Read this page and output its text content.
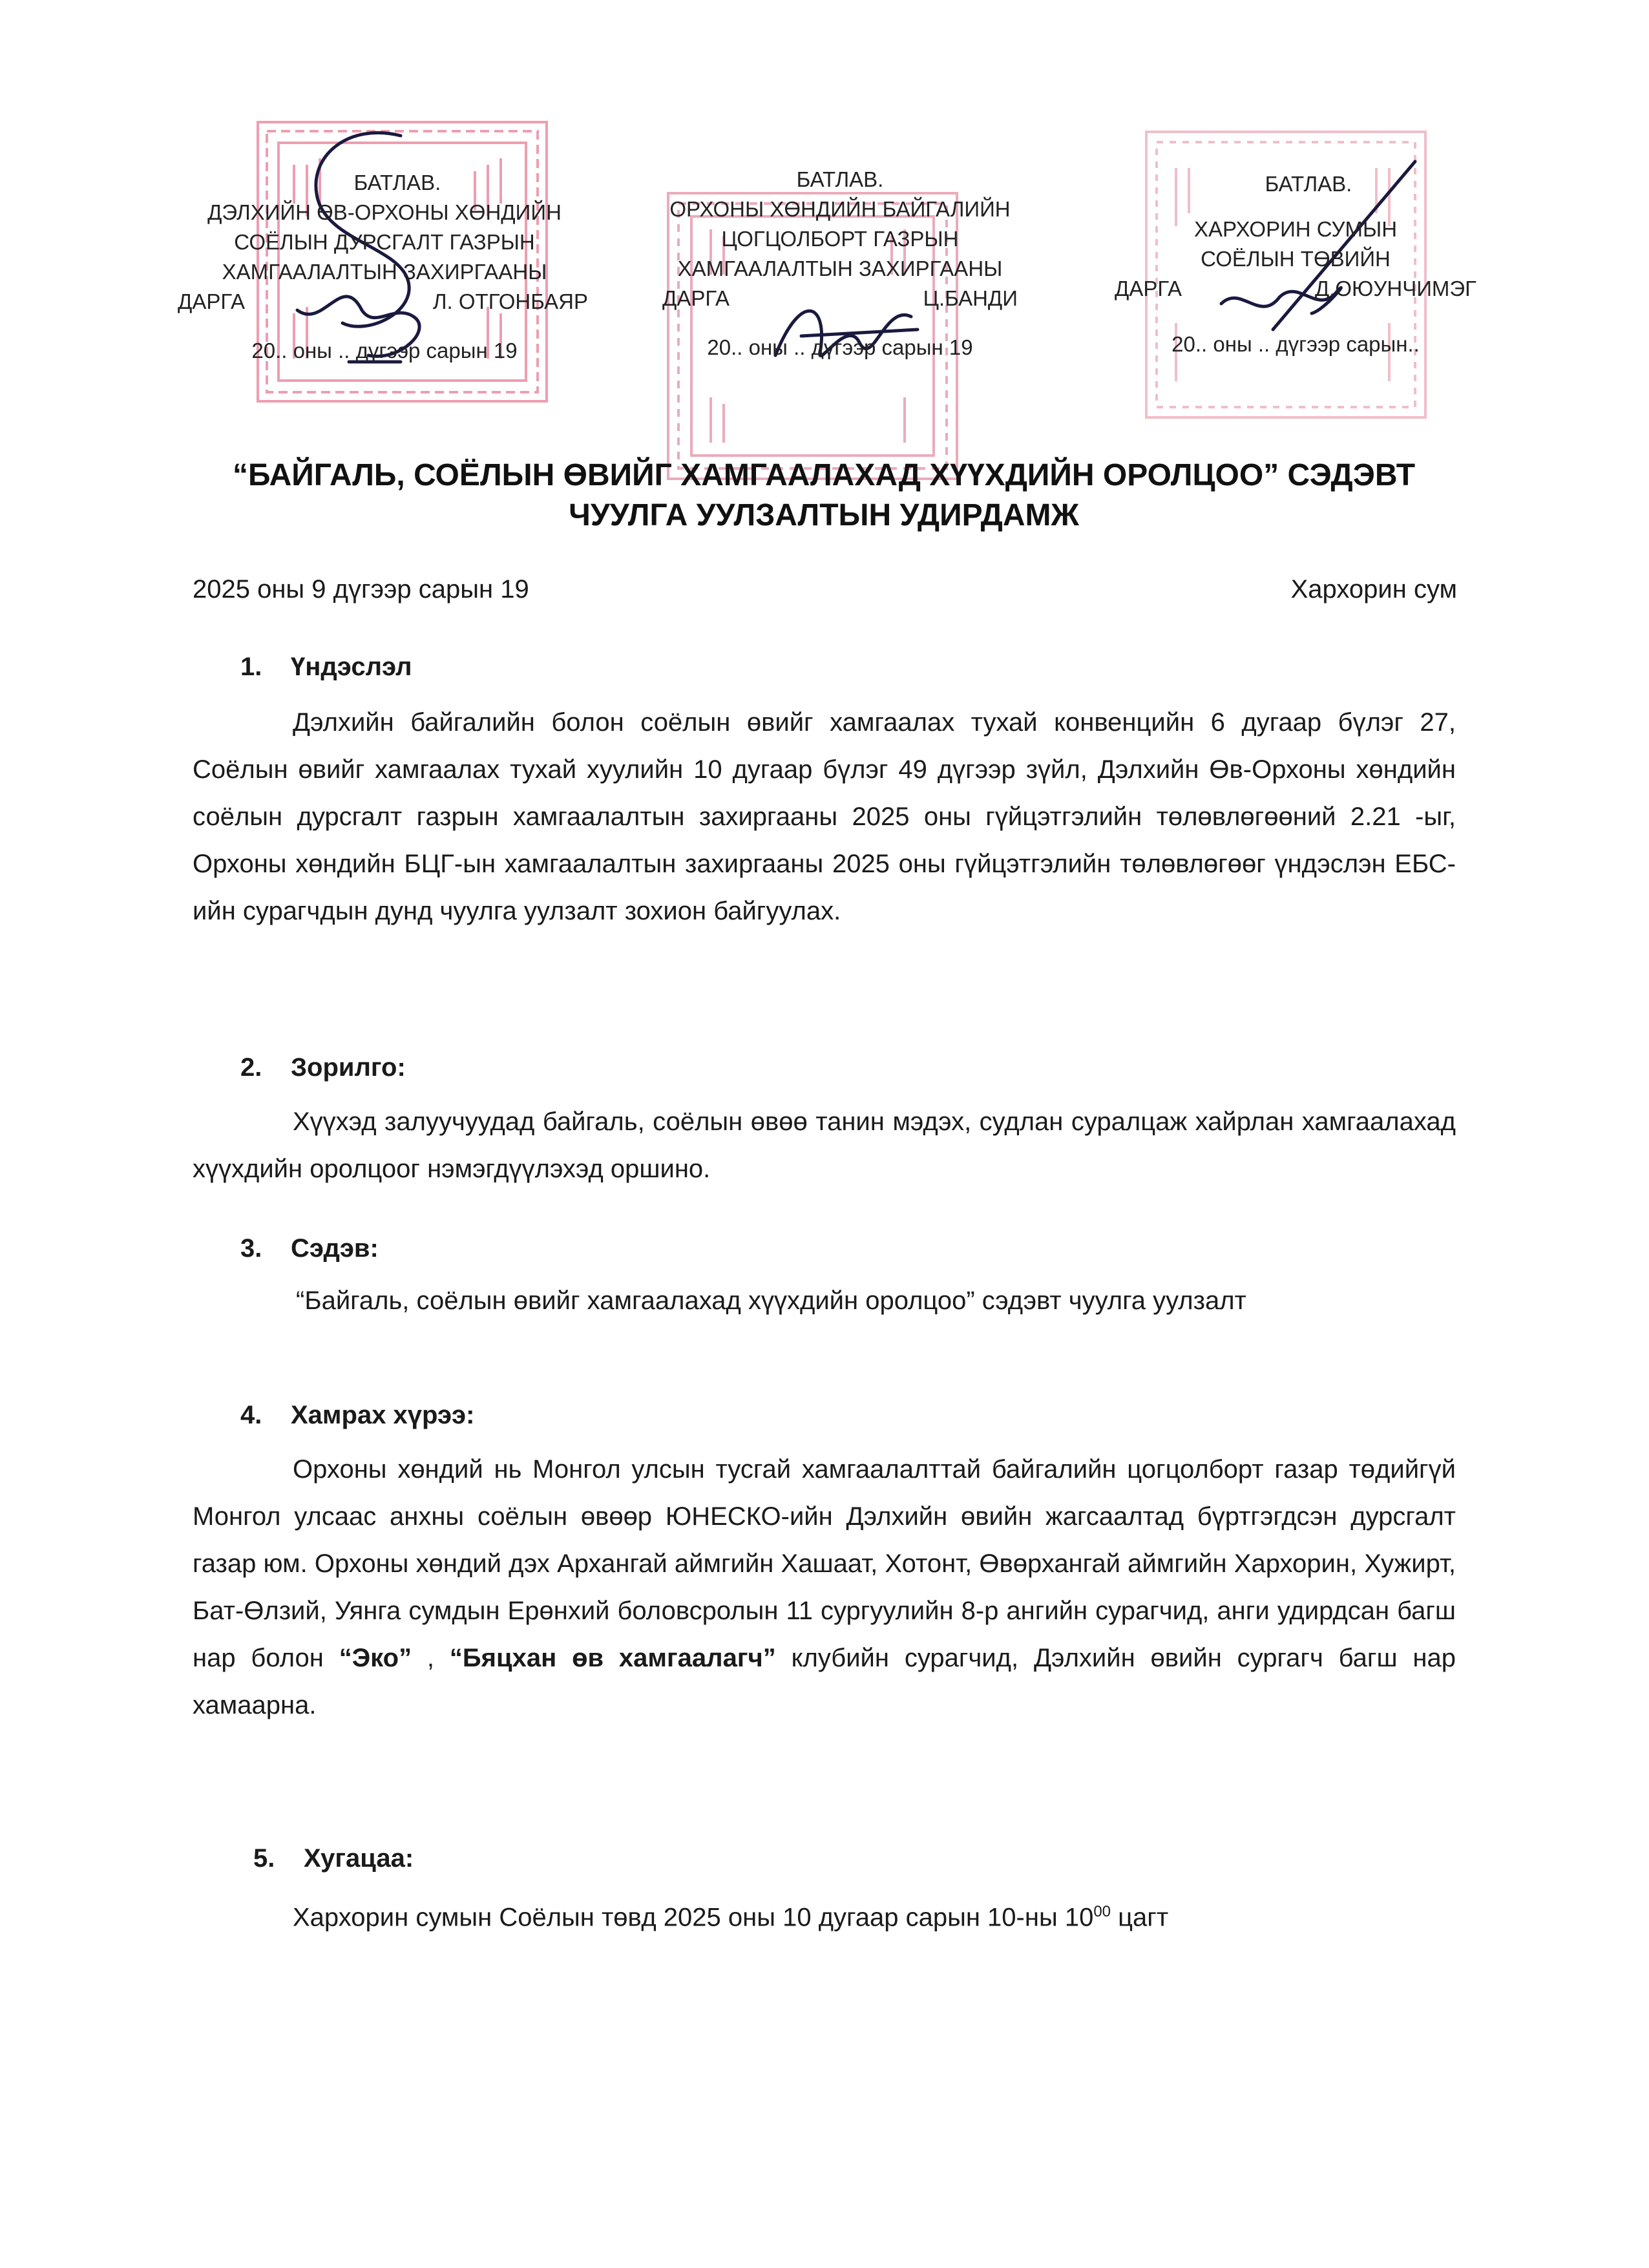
БАТЛАВ.
ДЭЛХИЙН ӨВ-ОРХОНЫ ХӨНДИЙН
СОЁЛЫН ДУРСГАЛТ ГАЗРЫН
ХАМГААЛАЛТЫН ЗАХИРГААНЫ
ДАРГА	Л. ОТГОНБАЯР
20.. оны .. дүгээр сарын 19
БАТЛАВ.
ОРХОНЫ ХӨНДИЙН БАЙГАЛИЙН
ЦОГЦОЛБОРТ ГАЗРЫН
ХАМГААЛАЛТЫН ЗАХИРГААНЫ
ДАРГА	Ц.БАНДИ
20.. оны .. дүгээр сарын 19
БАТЛАВ.
ХАРХОРИН СУМЫН
СОЁЛЫН ТӨВИЙН
ДАРГА	Д.ОЮУНЧИМЭГ
20.. оны .. дүгээр сарын..
“БАЙГАЛЬ, СОЁЛЫН ӨВИЙГ ХАМГААЛАХАД ХҮҮХДИЙН ОРОЛЦОО” СЭДЭВТ
ЧУУЛГА УУЛЗАЛТЫН УДИРДАМЖ
2025 оны 9 дүгээр сарын 19	Хархорин сум
1. Үндэслэл

Дэлхийн байгалийн болон соёлын өвийг хамгаалах тухай конвенцийн 6 дугаар бүлэг 27, Соёлын өвийг хамгаалах тухай хуулийн 10 дугаар бүлэг 49 дүгээр зүйл, Дэлхийн Өв-Орхоны хөндийн соёлын дурсгалт газрын хамгаалалтын захиргааны 2025 оны гүйцэтгэлийн төлөвлөгөөний 2.21 -ыг, Орхоны хөндийн БЦГ-ын хамгаалалтын захиргааны 2025 оны гүйцэтгэлийн төлөвлөгөөг үндэслэн ЕБС-ийн сурагчдын дунд чуулга уулзалт зохион байгуулах.

2. Зорилго:

Хүүхэд залуучуудад байгаль, соёлын өвөө танин мэдэх, судлан суралцаж хайрлан хамгаалахад хүүхдийн оролцоог нэмэгдүүлэхэд оршино.

3. Сэдэв:

“Байгаль, соёлын өвийг хамгаалахад хүүхдийн оролцоо” сэдэвт чуулга уулзалт

4. Хамрах хүрээ:

Орхоны хөндий нь Монгол улсын тусгай хамгаалалттай байгалийн цогцолборт газар төдийгүй Монгол улсаас анхны соёлын өвөөр ЮНЕСКО-ийн Дэлхийн өвийн жагсаалтад бүртгэгдсэн дурсгалт газар юм. Орхоны хөндий дэх Архангай аймгийн Хашаат, Хотонт, Өвөрхангай аймгийн Хархорин, Хужирт, Бат-Өлзий, Уянга сумдын Ерөнхий боловсролын 11 сургуулийн 8-р ангийн сурагчид, анги удирдсан багш нар болон “Эко” , “Бяцхан өв хамгаалагч” клубийн сурагчид, Дэлхийн өвийн сургагч багш нар хамаарна.

5. Хугацаа:

Хархорин сумын Соёлын төвд 2025 оны 10 дугаар сарын 10-ны $10^{00}$ цагт
